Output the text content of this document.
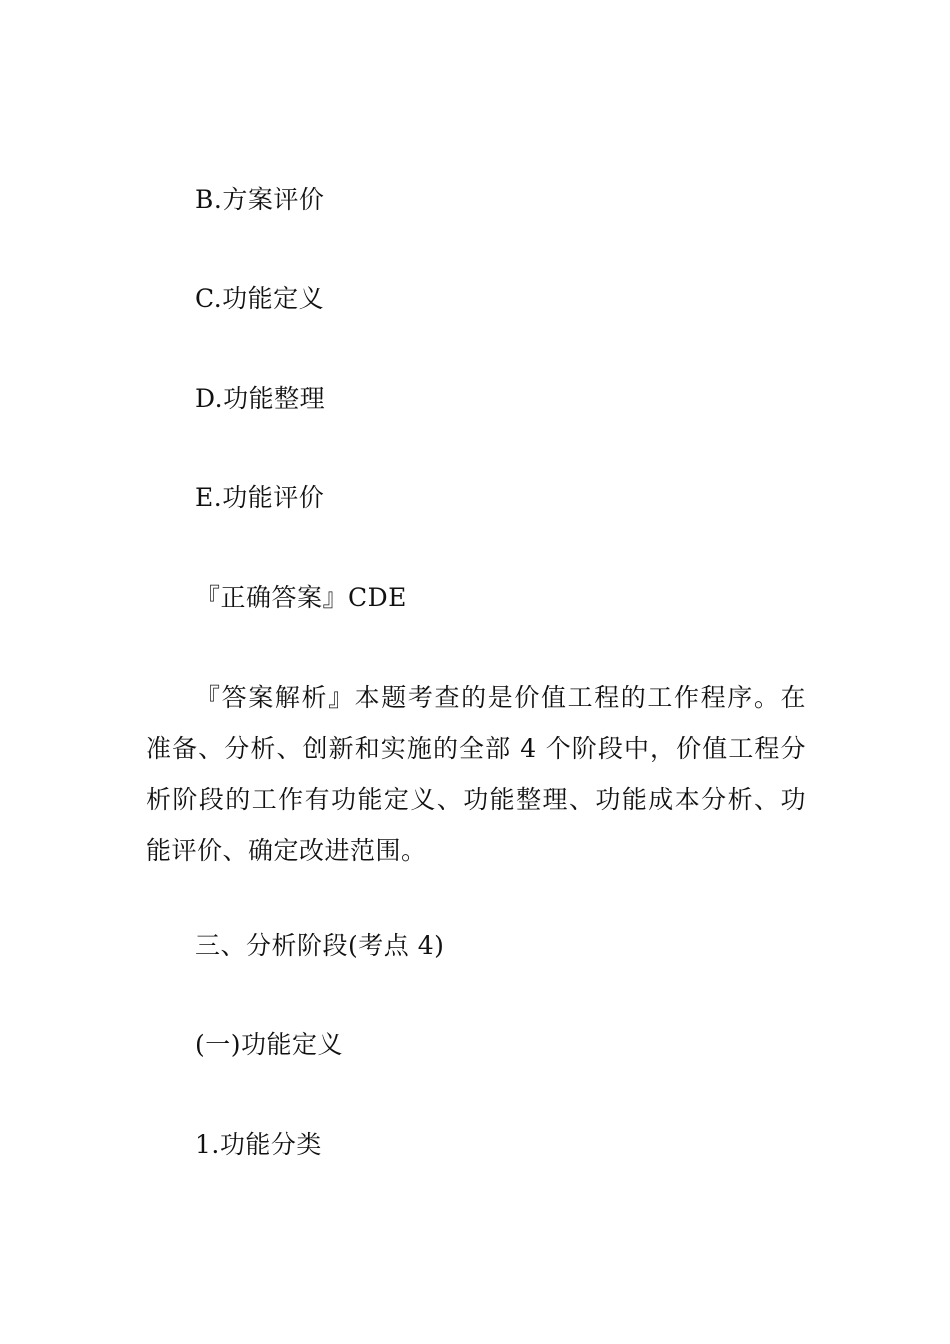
B.方案评价
C.功能定义
D.功能整理
E.功能评价
『正确答案』CDE
『答案解析』本题考查的是价值工程的工作程序。在准备、分析、创新和实施的全部 4 个阶段中，价值工程分析阶段的工作有功能定义、功能整理、功能成本分析、功能评价、确定改进范围。
三、分析阶段(考点 4)
(一)功能定义
1.功能分类
